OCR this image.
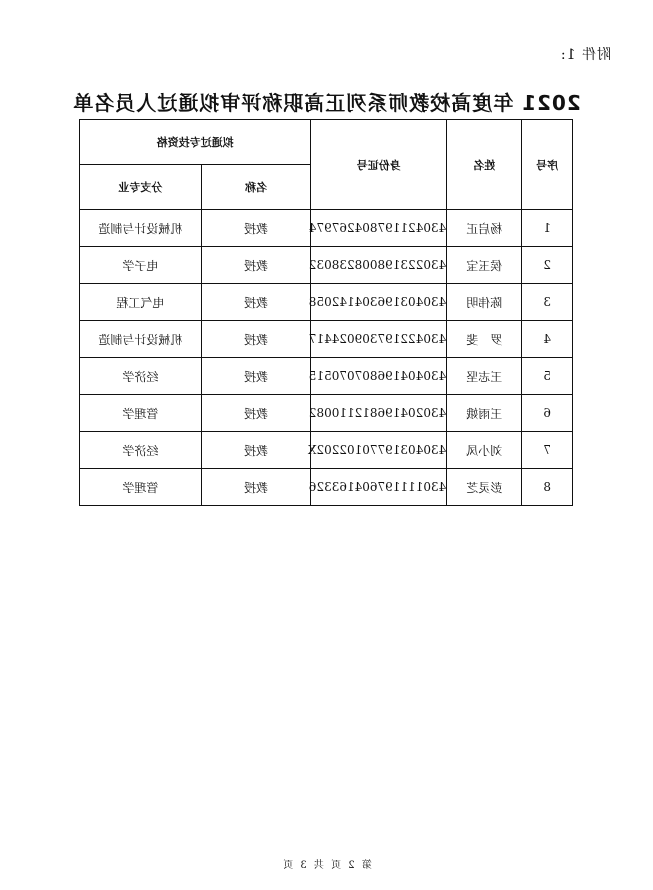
附件 1:
2021 年度高校教师系列正高职称评审拟通过人员名单
序号	姓名	身份证号	拟通过专技资格	
			名称	分支专业
1	杨启正	430421197804267974	教授	机械设计与制造
2	侯玉宝	430223198008238032	教授	电子学
3	陈伟明	430403196304142058	教授	电气工程
4	罗　斐	430422197309024417	教授	机械设计与制造
5	王志坚	430404196807070515	教授	经济学
6	王雨娥	430204196812110082	教授	管理学
7	刘小凤	43040319770102202X	教授	经济学
8	彭灵芝	430111197604163326	教授	管理学
第 2 页 共 3 页
